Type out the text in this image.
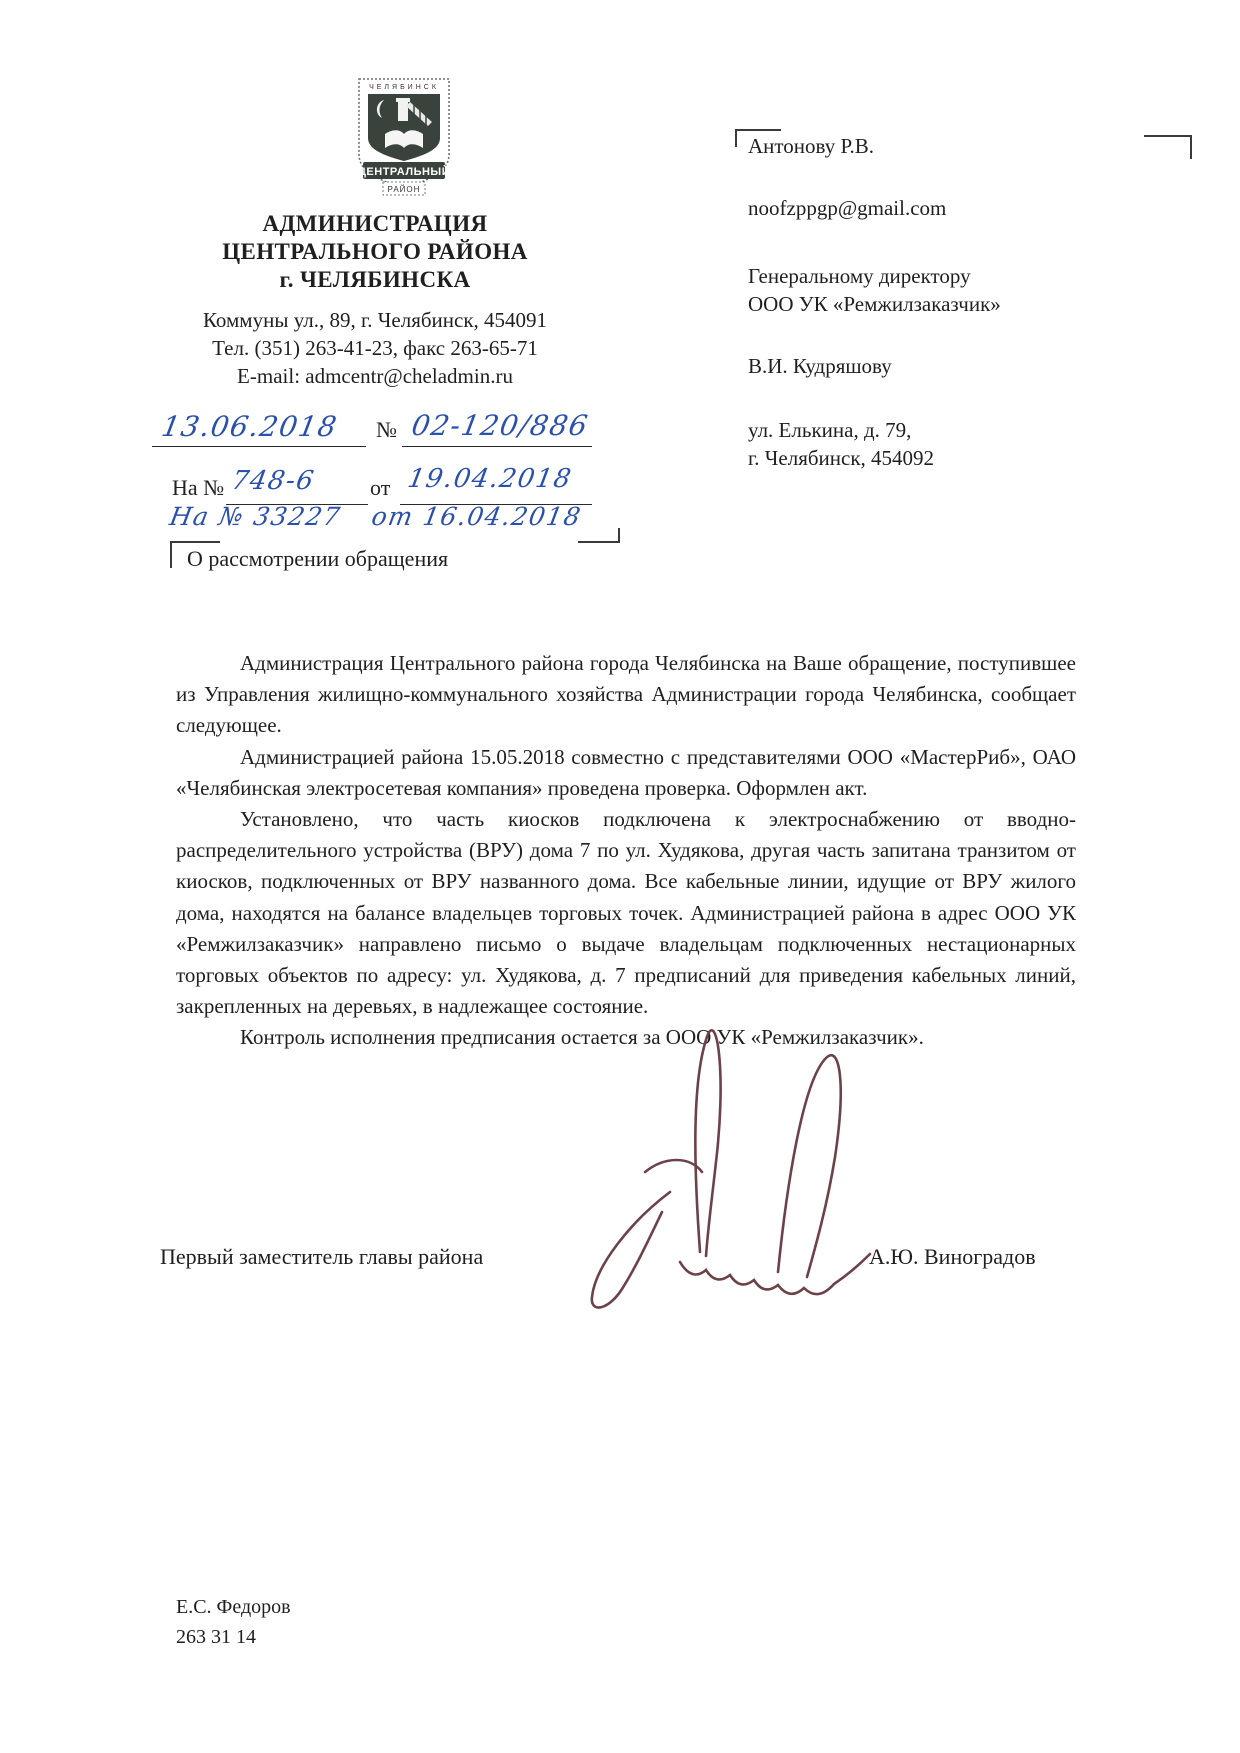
ЧЕЛЯБИНСК
ЦЕНТРАЛЬНЫЙ
РАЙОН
АДМИНИСТРАЦИЯ
ЦЕНТРАЛЬНОГО РАЙОНА
г. ЧЕЛЯБИНСКА
Коммуны ул., 89, г. Челябинск, 454091
Тел. (351) 263-41-23, факс 263-65-71
E-mail: admcentr@cheladmin.ru
13.06.2018 № 02-120/886
На № 748-6 от 19.04.2018
На № 33227 от 16.04.2018
О рассмотрении обращения
Антонову Р.В.
noofzppgp@gmail.com
Генеральному директору
ООО УК «Ремжилзаказчик»
В.И. Кудряшову
ул. Елькина, д. 79,
г. Челябинск, 454092

Администрация Центрального района города Челябинска на Ваше обращение, поступившее из Управления жилищно-коммунального хозяйства Администрации города Челябинска, сообщает следующее.

Администрацией района 15.05.2018 совместно с представителями ООО «МастерРиб», ОАО «Челябинская электросетевая компания» проведена проверка. Оформлен акт.

Установлено, что часть киосков подключена к электроснабжению от вводно-распределительного устройства (ВРУ) дома 7 по ул. Худякова, другая часть запитана транзитом от киосков, подключенных от ВРУ названного дома. Все кабельные линии, идущие от ВРУ жилого дома, находятся на балансе владельцев торговых точек. Администрацией района в адрес ООО УК «Ремжилзаказчик» направлено письмо о выдаче владельцам подключенных нестационарных торговых объектов по адресу: ул. Худякова, д. 7 предписаний для приведения кабельных линий, закрепленных на деревьях, в надлежащее состояние.

Контроль исполнения предписания остается за ООО УК «Ремжилзаказчик».

Первый заместитель главы района	А.Ю. Виноградов
Е.С. Федоров
263 31 14
